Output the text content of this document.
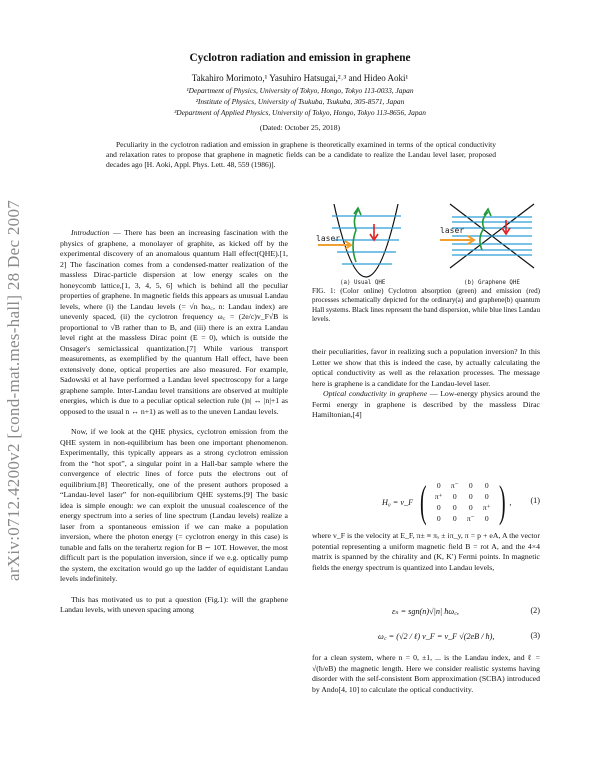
arXiv:0712.4200v2 [cond-mat.mes-hall] 28 Dec 2007
Cyclotron radiation and emission in graphene
Takahiro Morimoto,¹ Yasuhiro Hatsugai,²˒³ and Hideo Aoki¹
¹Department of Physics, University of Tokyo, Hongo, Tokyo 113-0033, Japan
²Institute of Physics, University of Tsukuba, Tsukuba, 305-8571, Japan
³Department of Applied Physics, University of Tokyo, Hongo, Tokyo 113-8656, Japan
(Dated: October 25, 2018)

Peculiarity in the cyclotron radiation and emission in graphene is theoretically examined in terms of the optical conductivity and relaxation rates to propose that graphene in magnetic fields can be a candidate to realize the Landau level laser, proposed decades ago [H. Aoki, Appl. Phys. Lett. 48, 559 (1986)].

Introduction — There has been an increasing fascination with the physics of graphene, a monolayer of graphite, as kicked off by the experimental discovery of an anomalous quantum Hall effect(QHE).[1, 2] The fascination comes from a condensed-matter realization of the massless Dirac-particle dispersion at low energy scales on the honeycomb lattice,[1, 3, 4, 5, 6] which is behind all the peculiar properties of graphene. In magnetic fields this appears as unusual Landau levels, where (i) the Landau levels (= √n ħω꜀, n: Landau index) are unevenly spaced, (ii) the cyclotron frequency ω꜀ = (2e/c)v_F√B is proportional to √B rather than to B, and (iii) there is an extra Landau level right at the massless Dirac point (E = 0), which is outside the Onsager's semiclassical quantization.[7] While various transport measurements, as exemplified by the quantum Hall effect, have been extensively done, optical properties are also measured. For example, Sadowski et al have performed a Landau level spectroscopy for a large graphene sample. Inter-Landau level transitions are observed at multiple energies, which is due to a peculiar optical selection rule (|n| ↔ |n|+1 as opposed to the usual n ↔ n+1) as well as to the uneven Landau levels.

Now, if we look at the QHE physics, cyclotron emission from the QHE system in non-equilibrium has been one important phenomenon. Experimentally, this typically appears as a strong cyclotron emission from the “hot spot”, a singular point in a Hall-bar sample where the convergence of electric lines of force puts the electrons out of equilibrium.[8] Theoretically, one of the present authors proposed a “Landau-level laser” for non-equilibrium QHE systems.[9] The basic idea is simple enough: we can exploit the unusual coalescence of the energy spectrum into a series of line spectrum (Landau levels) realize a laser from a spontaneous emission if we can make a population inversion, where the photon energy (= cyclotron energy in this case) is tunable and falls on the terahertz region for B ∼ 10T. However, the most difficult part is the population inversion, since if we e.g. optically pump the system, the excitation would go up the ladder of equidistant Landau levels indefinitely.

This has motivated us to put a question (Fig.1): will the graphene Landau levels, with uneven spacing among

laser
(a) Usual QHE
laser
(b) Graphene QHE

FIG. 1: (Color online) Cyclotron absorption (green) and emission (red) processes schematically depicted for the ordinary(a) and graphene(b) quantum Hall systems. Black lines represent the band dispersion, while blue lines Landau levels.

their peculiarities, favor in realizing such a population inversion? In this Letter we show that this is indeed the case, by actually calculating the optical conductivity as well as the relaxation processes. The message here is graphene is a candidate for the Landau-level laser.

Optical conductivity in graphene — Low-energy physics around the Fermi energy in graphene is described by the massless Dirac Hamiltonian,[4]

H₀ = v_F ( 0	π⁻	0	0
π⁺	0	0	0
0	0	0	π⁺
0	0	π⁻	0 ) , (1)

where v_F is the velocity at E_F, π± ≡ πₓ ± iπ_y, π = p + eA, A the vector potential representing a uniform magnetic field B = rot A, and the 4×4 matrix is spanned by the chirality and (K, K′) Fermi points. In magnetic fields the energy spectrum is quantized into Landau levels,

εₙ = sgn(n)√|n| ħω꜀,	(2)
ω꜀ = (√2 / ℓ) v_F = v_F √(2eB / ħ),	(3)

for a clean system, where n = 0, ±1, ... is the Landau index, and ℓ = √(ħ/eB) the magnetic length. Here we consider realistic systems having disorder with the self-consistent Born approximation (SCBA) introduced by Ando[4, 10] to calculate the optical conductivity.
